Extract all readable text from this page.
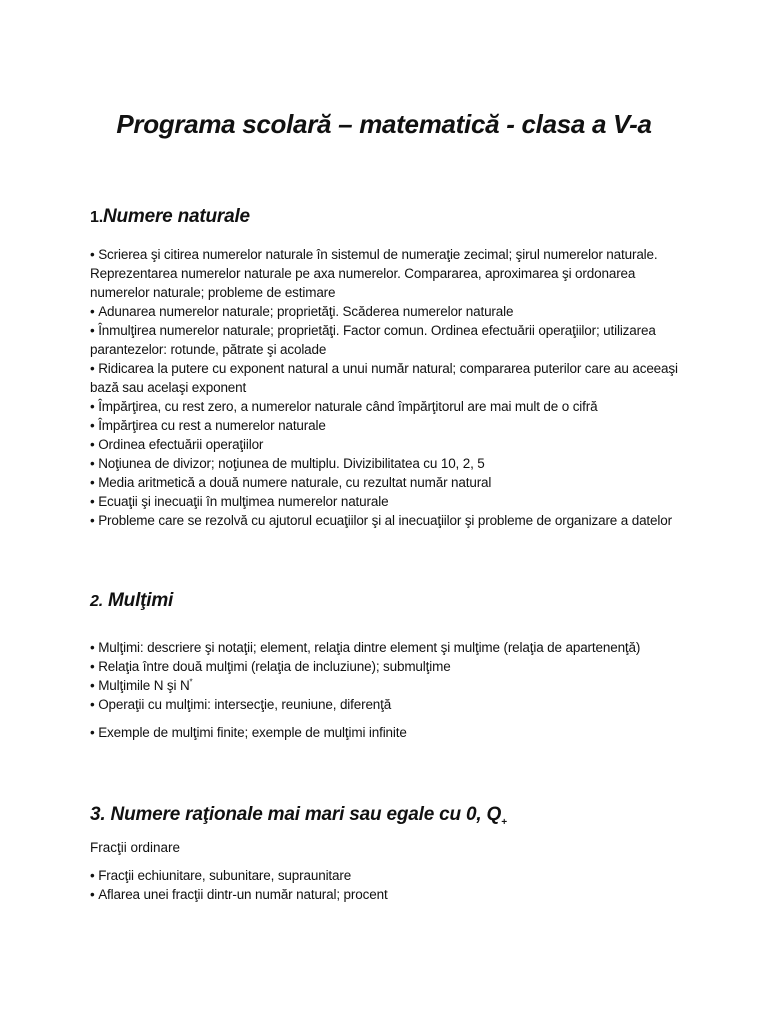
Programa scolară – matematică - clasa a V-a
1.Numere naturale
• Scrierea şi citirea numerelor naturale în sistemul de numeraţie zecimal; şirul numerelor naturale. Reprezentarea numerelor naturale pe axa numerelor. Compararea, aproximarea şi ordonarea numerelor naturale; probleme de estimare
• Adunarea numerelor naturale; proprietăţi. Scăderea numerelor naturale
• Înmulţirea numerelor naturale; proprietăţi. Factor comun. Ordinea efectuării operaţiilor; utilizarea parantezelor: rotunde, pătrate şi acolade
• Ridicarea la putere cu exponent natural a unui număr natural; compararea puterilor care au aceeaşi bază sau acelaşi exponent
• Împărţirea, cu rest zero, a numerelor naturale când împărţitorul are mai mult de o cifră
• Împărţirea cu rest a numerelor naturale
• Ordinea efectuării operaţiilor
• Noţiunea de divizor; noţiunea de multiplu. Divizibilitatea cu 10, 2, 5
• Media aritmetică a două numere naturale, cu rezultat număr natural
• Ecuaţii şi inecuaţii în mulţimea numerelor naturale
• Probleme care se rezolvă cu ajutorul ecuaţiilor şi al inecuaţiilor şi probleme de organizare a datelor
2. Mulţimi
• Mulţimi: descriere şi notaţii; element, relaţia dintre element şi mulţime (relaţia de apartenenţă)
• Relaţia între două mulţimi (relaţia de incluziune); submulţime
• Mulţimile N şi N*
• Operaţii cu mulţimi: intersecţie, reuniune, diferenţă
• Exemple de mulţimi finite; exemple de mulţimi infinite
3. Numere raţionale mai mari sau egale cu 0, $Q_+$
Fracţii ordinare
• Fracţii echiunitare, subunitare, supraunitare
• Aflarea unei fracţii dintr-un număr natural; procent
